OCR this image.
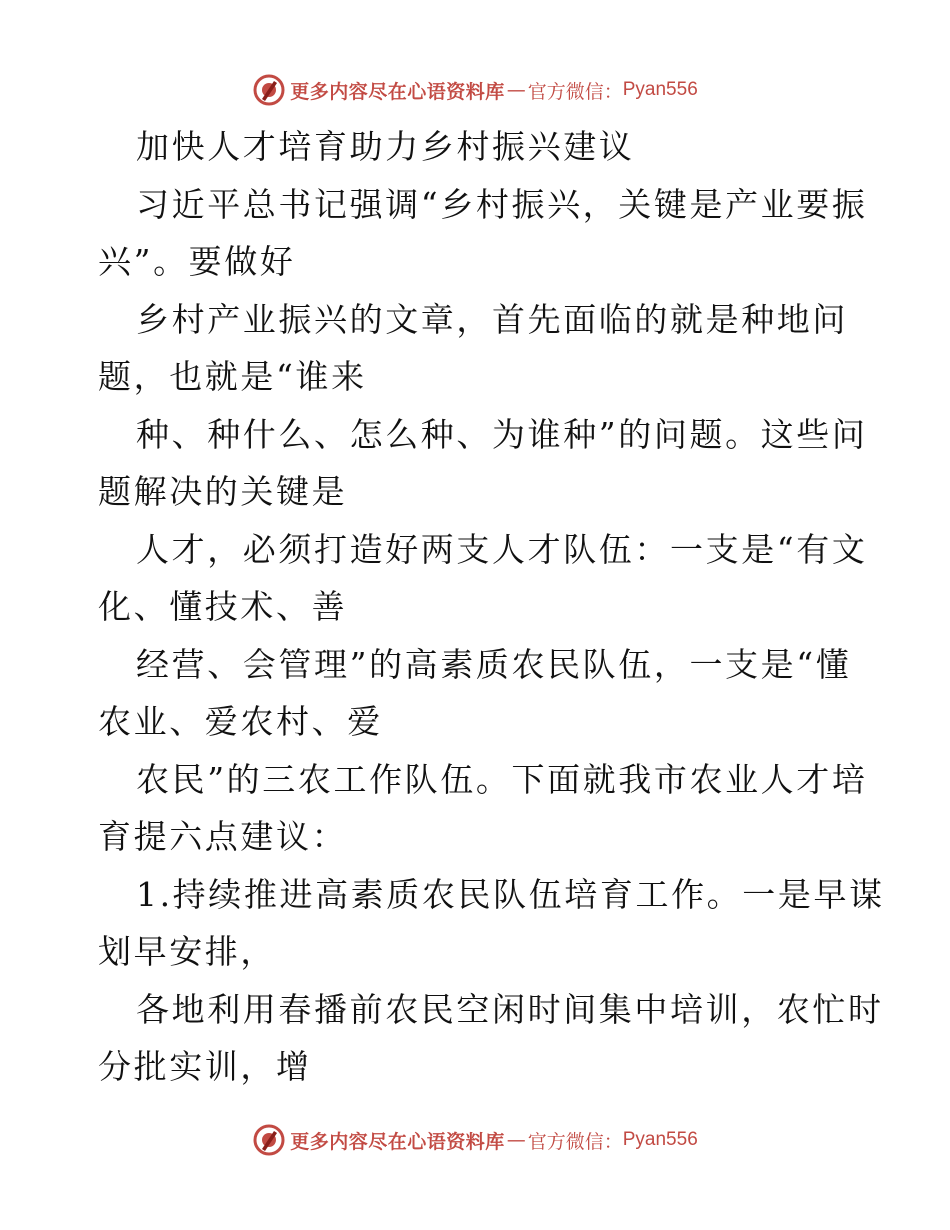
更多内容尽在心语资料库 — 官方微信： Pyan556
加快人才培育助力乡村振兴建议
习近平总书记强调“乡村振兴，关键是产业要振
兴”。要做好
乡村产业振兴的文章，首先面临的就是种地问
题，也就是“谁来
种、种什么、怎么种、为谁种”的问题。这些问
题解决的关键是
人才，必须打造好两支人才队伍：一支是“有文
化、懂技术、善
经营、会管理”的高素质农民队伍，一支是“懂
农业、爱农村、爱
农民”的三农工作队伍。下面就我市农业人才培
育提六点建议：
1.持续推进高素质农民队伍培育工作。一是早谋
划早安排，
各地利用春播前农民空闲时间集中培训，农忙时
分批实训，增
更多内容尽在心语资料库 — 官方微信： Pyan556
